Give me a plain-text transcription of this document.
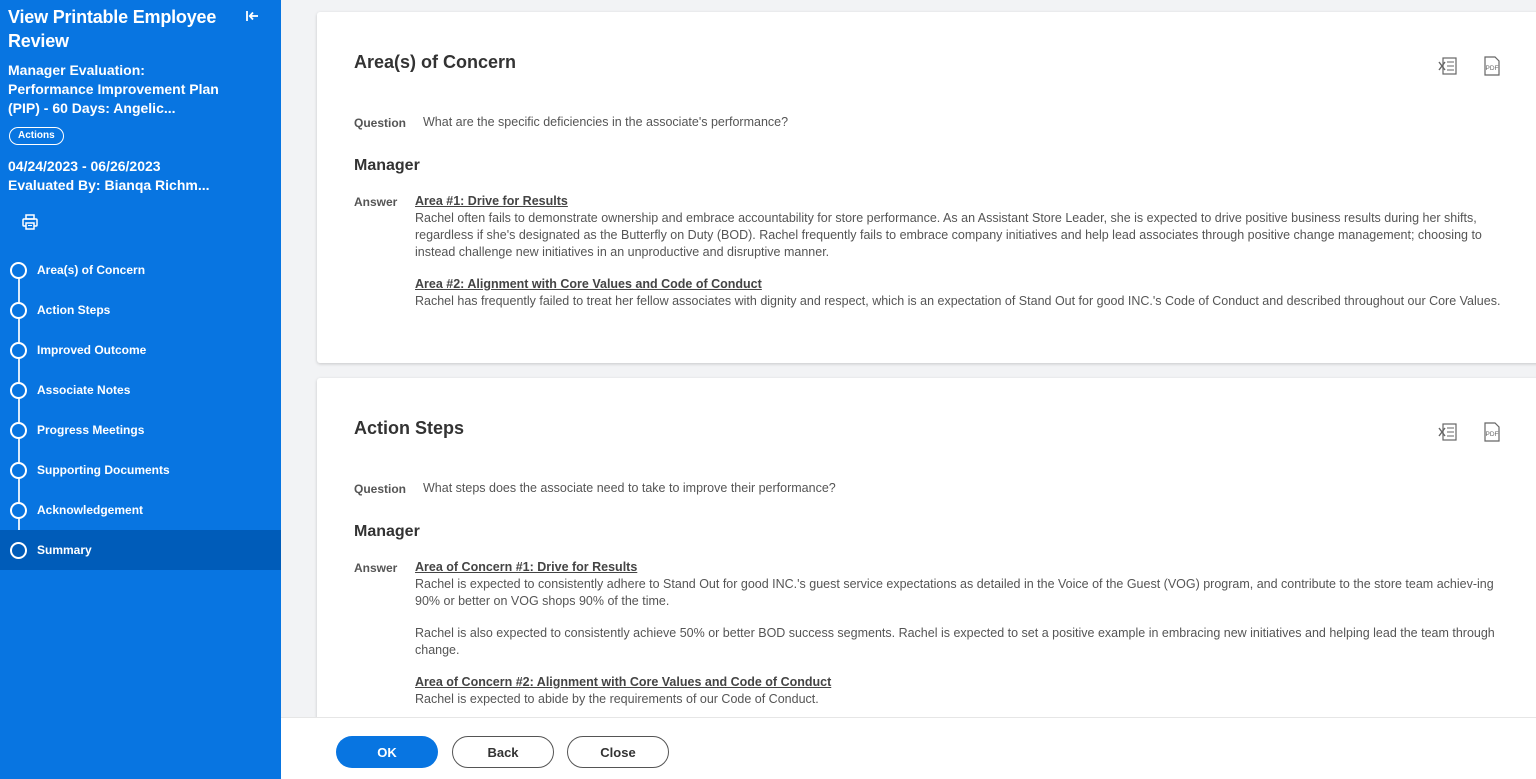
View Printable Employee Review
Manager Evaluation: Performance Improvement Plan (PIP) - 60 Days: Angelic...
Actions
04/24/2023 - 06/26/2023
Evaluated By: Bianqa Richm...
Area(s) of Concern
Action Steps
Improved Outcome
Associate Notes
Progress Meetings
Supporting Documents
Acknowledgement
Summary
Area(s) of Concern	PDF
Question What are the specific deficiencies in the associate's performance?
Manager
Answer Area #1: Drive for Results
Rachel often fails to demonstrate ownership and embrace accountability for store performance. As an Assistant Store Leader, she is expected to drive positive business results during her shifts, regardless if she's designated as the Butterfly on Duty (BOD). Rachel frequently fails to embrace company initiatives and help lead associates through positive change management; choosing to instead challenge new initiatives in an unproductive and disruptive manner.

Area #2: Alignment with Core Values and Code of Conduct
Rachel has frequently failed to treat her fellow associates with dignity and respect, which is an expectation of Stand Out for good INC.'s Code of Conduct and described throughout our Core Values.

Action Steps	PDF
Question What steps does the associate need to take to improve their performance?
Manager
Answer Area of Concern #1: Drive for Results
Rachel is expected to consistently adhere to Stand Out for good INC.'s guest service expectations as detailed in the Voice of the Guest (VOG) program, and contribute to the store team achiev-ing 90% or better on VOG shops 90% of the time.

Rachel is also expected to consistently achieve 50% or better BOD success segments. Rachel is expected to set a positive example in embracing new initiatives and helping lead the team through change.

Area of Concern #2: Alignment with Core Values and Code of Conduct
Rachel is expected to abide by the requirements of our Code of Conduct.

OK	Back	Close
